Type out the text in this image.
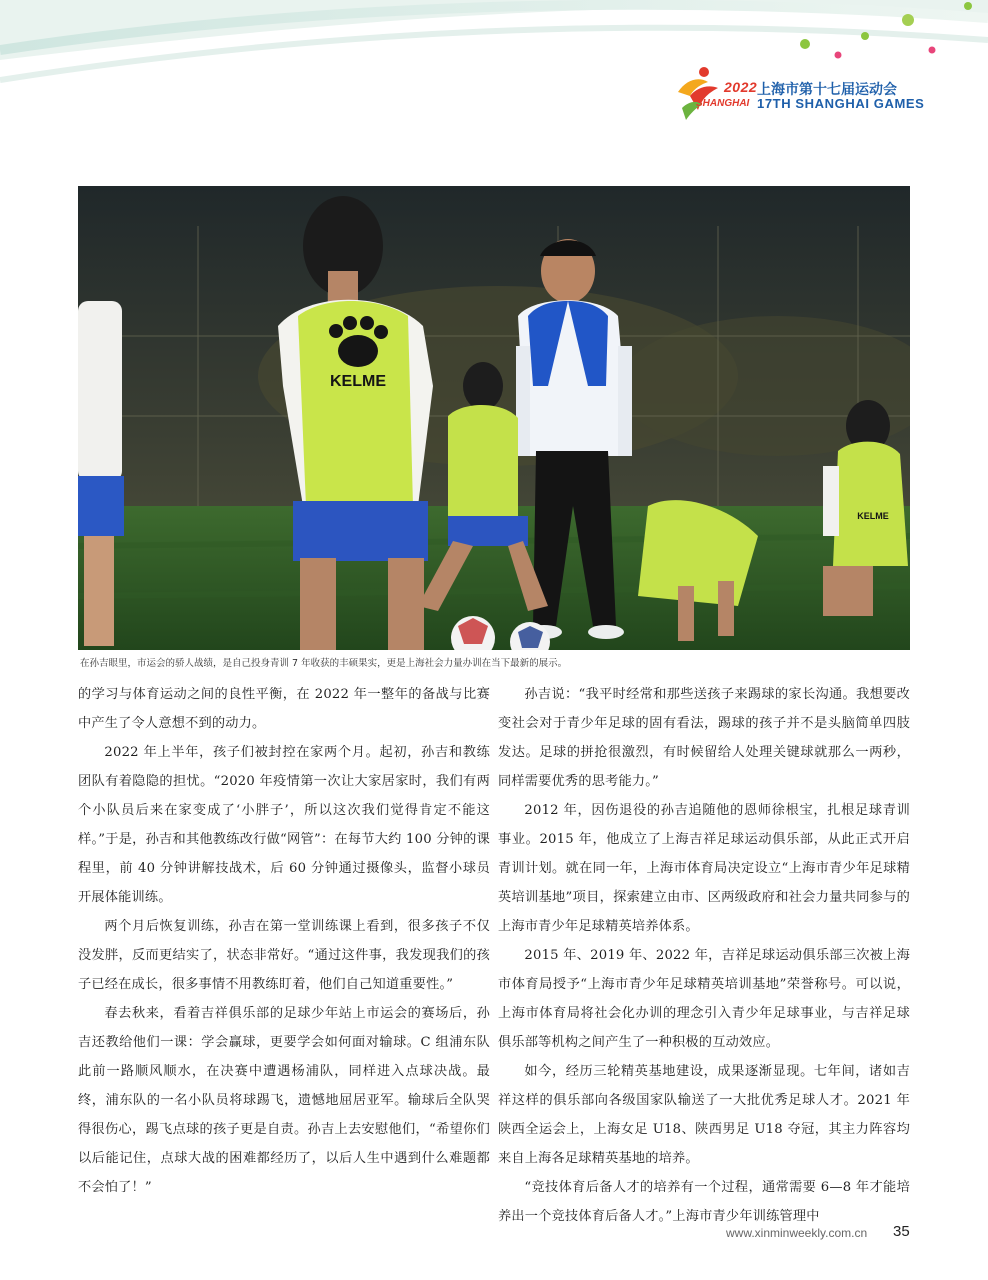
2022
SHANGHAI
上海市第十七届运动会
17TH SHANGHAI GAMES
KELME
KELME
在孙吉眼里，市运会的骄人战绩，是自己投身青训 7 年收获的丰硕果实，更是上海社会力量办训在当下最新的展示。

的学习与体育运动之间的良性平衡，在 2022 年一整年的备战与比赛中产生了令人意想不到的动力。

2022 年上半年，孩子们被封控在家两个月。起初，孙吉和教练团队有着隐隐的担忧。“2020 年疫情第一次让大家居家时，我们有两个小队员后来在家变成了‘小胖子’，所以这次我们觉得肯定不能这样。”于是，孙吉和其他教练改行做“网管”：在每节大约 100 分钟的课程里，前 40 分钟讲解技战术，后 60 分钟通过摄像头，监督小球员开展体能训练。

两个月后恢复训练，孙吉在第一堂训练课上看到，很多孩子不仅没发胖，反而更结实了，状态非常好。“通过这件事，我发现我们的孩子已经在成长，很多事情不用教练盯着，他们自己知道重要性。”

春去秋来，看着吉祥俱乐部的足球少年站上市运会的赛场后，孙吉还教给他们一课：学会赢球，更要学会如何面对输球。C 组浦东队此前一路顺风顺水，在决赛中遭遇杨浦队，同样进入点球决战。最终，浦东队的一名小队员将球踢飞，遗憾地屈居亚军。输球后全队哭得很伤心，踢飞点球的孩子更是自责。孙吉上去安慰他们，“希望你们以后能记住，点球大战的困难都经历了，以后人生中遇到什么难题都不会怕了！”

孙吉说：“我平时经常和那些送孩子来踢球的家长沟通。我想要改变社会对于青少年足球的固有看法，踢球的孩子并不是头脑简单四肢发达。足球的拼抢很激烈，有时候留给人处理关键球就那么一两秒，同样需要优秀的思考能力。”

2012 年，因伤退役的孙吉追随他的恩师徐根宝，扎根足球青训事业。2015 年，他成立了上海吉祥足球运动俱乐部，从此正式开启青训计划。就在同一年，上海市体育局决定设立“上海市青少年足球精英培训基地”项目，探索建立由市、区两级政府和社会力量共同参与的上海市青少年足球精英培养体系。

2015 年、2019 年、2022 年，吉祥足球运动俱乐部三次被上海市体育局授予“上海市青少年足球精英培训基地”荣誉称号。可以说，上海市体育局将社会化办训的理念引入青少年足球事业，与吉祥足球俱乐部等机构之间产生了一种积极的互动效应。

如今，经历三轮精英基地建设，成果逐渐显现。七年间，诸如吉祥这样的俱乐部向各级国家队输送了一大批优秀足球人才。2021 年陕西全运会上，上海女足 U18、陕西男足 U18 夺冠，其主力阵容均来自上海各足球精英基地的培养。

“竞技体育后备人才的培养有一个过程，通常需要 6—8 年才能培养出一个竞技体育后备人才。”上海市青少年训练管理中

www.xinminweekly.com.cn 35
